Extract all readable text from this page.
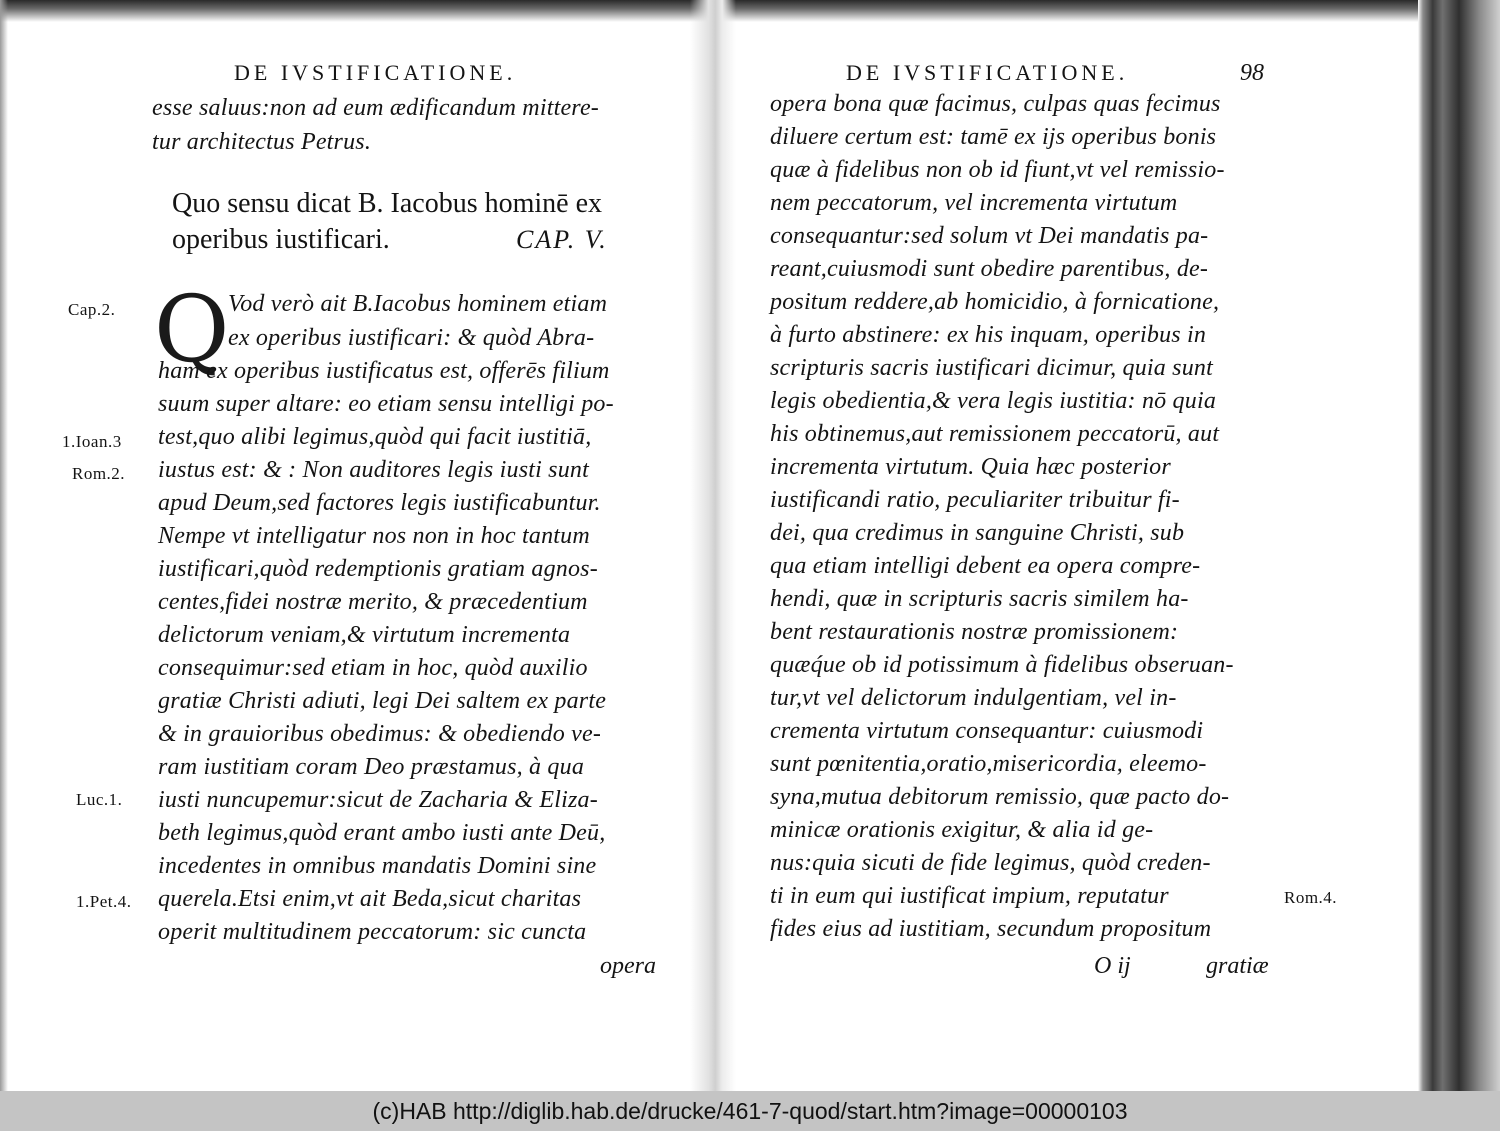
DE IVSTIFICATIONE.
esse saluus:non ad eum ædificandum mittere-
tur architectus Petrus.
Quo sensu dicat B. Iacobus hominē ex
operibus iustificari.	CAP. V.
Q
Cap.2.
1.Ioan.3
Rom.2.
Luc.1.
1.Pet.4.
Vod verò ait B.Iacobus hominem etiam
ex operibus iustificari: & quòd Abra-
ham ex operibus iustificatus est, offerēs filium
suum super altare: eo etiam sensu intelligi po-
test,quo alibi legimus,quòd qui facit iustitiā,
iustus est: & : Non auditores legis iusti sunt
apud Deum,sed factores legis iustificabuntur.
Nempe vt intelligatur nos non in hoc tantum
iustificari,quòd redemptionis gratiam agnos-
centes,fidei nostræ merito, & præcedentium
delictorum veniam,& virtutum incrementa
consequimur:sed etiam in hoc, quòd auxilio
gratiæ Christi adiuti, legi Dei saltem ex parte
& in grauioribus obedimus: & obediendo ve-
ram iustitiam coram Deo præstamus, à qua
iusti nuncupemur:sicut de Zacharia & Eliza-
beth legimus,quòd erant ambo iusti ante Deū,
incedentes in omnibus mandatis Domini sine
querela.Etsi enim,vt ait Beda,sicut charitas
operit multitudinem peccatorum: sic cuncta
opera
DE IVSTIFICATIONE.	98
opera bona quæ facimus, culpas quas fecimus
diluere certum est: tamē ex ijs operibus bonis
quæ à fidelibus non ob id fiunt,vt vel remissio-
nem peccatorum, vel incrementa virtutum
consequantur:sed solum vt Dei mandatis pa-
reant,cuiusmodi sunt obedire parentibus, de-
positum reddere,ab homicidio, à fornicatione,
à furto abstinere: ex his inquam, operibus in
scripturis sacris iustificari dicimur, quia sunt
legis obedientia,& vera legis iustitia: nō quia
his obtinemus,aut remissionem peccatorū, aut
incrementa virtutum. Quia hæc posterior
iustificandi ratio, peculiariter tribuitur fi-
dei, qua credimus in sanguine Christi, sub
qua etiam intelligi debent ea opera compre-
hendi, quæ in scripturis sacris similem ha-
bent restaurationis nostræ promissionem:
quæq́ue ob id potissimum à fidelibus obseruan-
tur,vt vel delictorum indulgentiam, vel in-
crementa virtutum consequantur: cuiusmodi
sunt pœnitentia,oratio,misericordia, eleemo-
syna,mutua debitorum remissio, quæ pacto do-
minicæ orationis exigitur, & alia id ge-
nus:quia sicuti de fide legimus, quòd creden-
ti in eum qui iustificat impium, reputatur
fides eius ad iustitiam, secundum propositum
O ij	gratiæ
Rom.4.
(c)HAB http://diglib.hab.de/drucke/461-7-quod/start.htm?image=00000103
